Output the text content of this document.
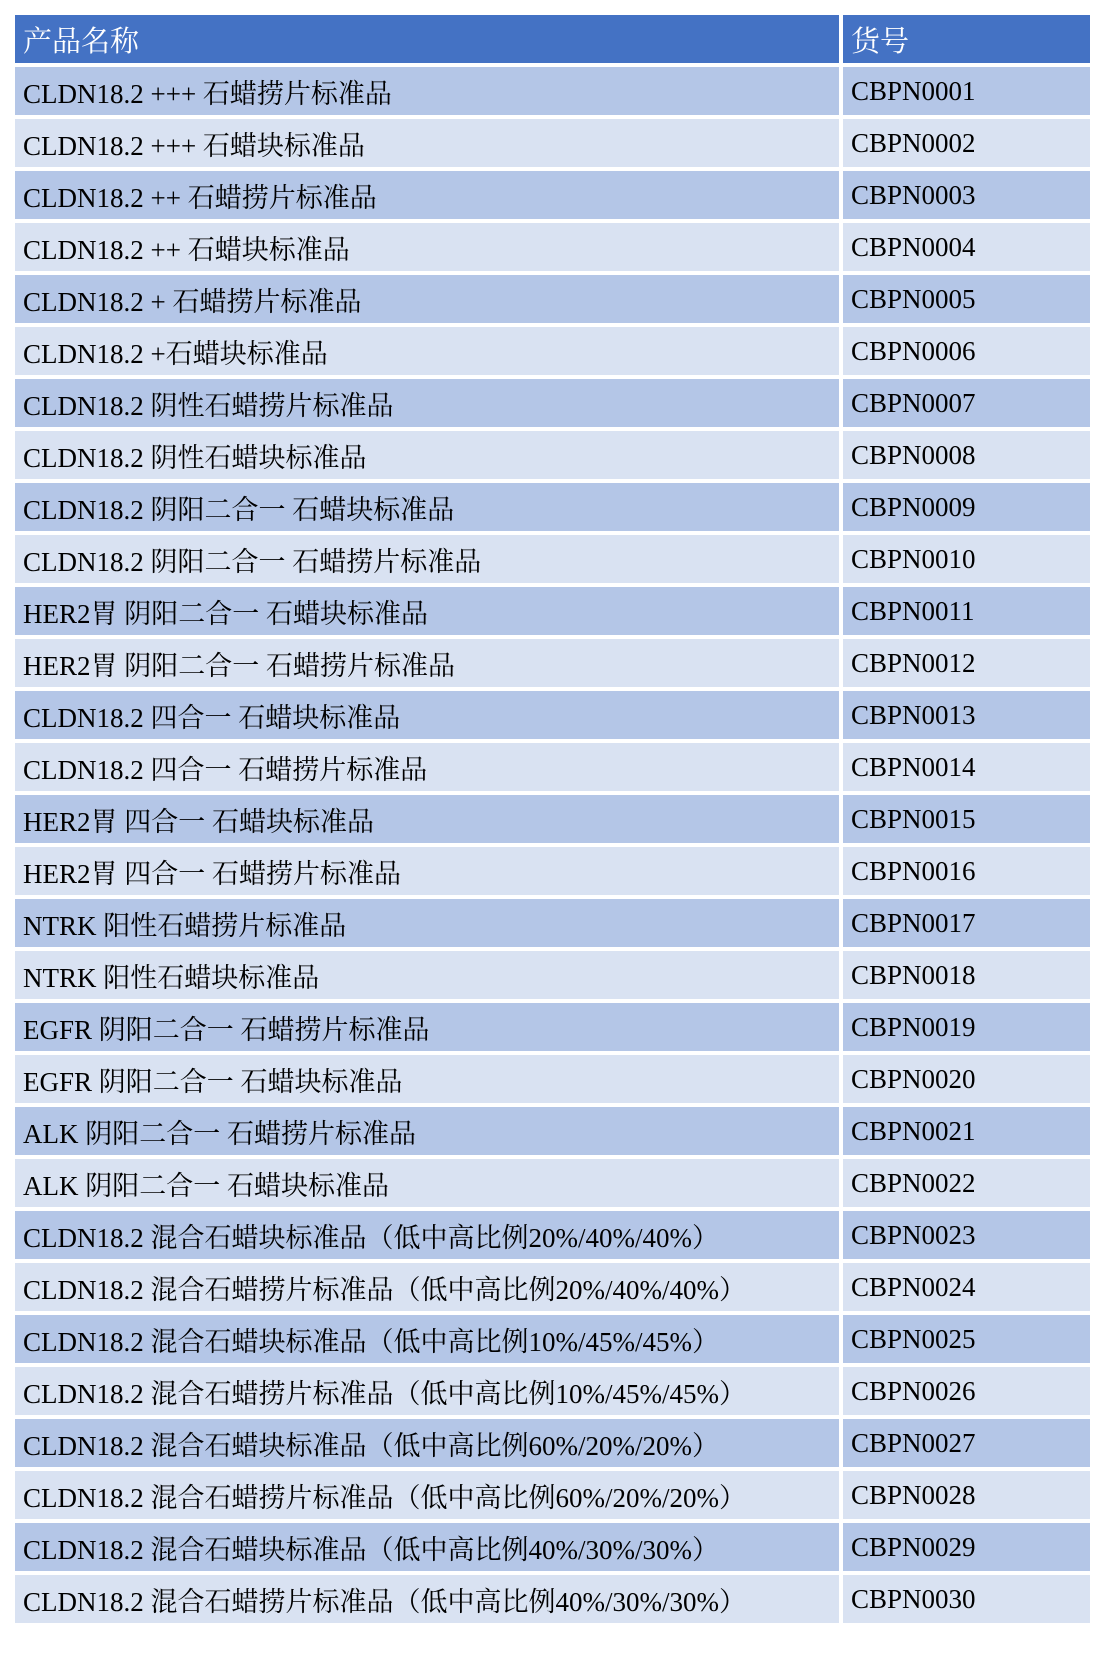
产品名称	货号
CLDN18.2 +++ 石蜡捞片标准品	CBPN0001
CLDN18.2 +++ 石蜡块标准品	CBPN0002
CLDN18.2 ++ 石蜡捞片标准品	CBPN0003
CLDN18.2 ++ 石蜡块标准品	CBPN0004
CLDN18.2 + 石蜡捞片标准品	CBPN0005
CLDN18.2 +石蜡块标准品	CBPN0006
CLDN18.2 阴性石蜡捞片标准品	CBPN0007
CLDN18.2 阴性石蜡块标准品	CBPN0008
CLDN18.2 阴阳二合一 石蜡块标准品	CBPN0009
CLDN18.2 阴阳二合一 石蜡捞片标准品	CBPN0010
HER2胃 阴阳二合一 石蜡块标准品	CBPN0011
HER2胃 阴阳二合一 石蜡捞片标准品	CBPN0012
CLDN18.2 四合一 石蜡块标准品	CBPN0013
CLDN18.2 四合一 石蜡捞片标准品	CBPN0014
HER2胃 四合一 石蜡块标准品	CBPN0015
HER2胃 四合一 石蜡捞片标准品	CBPN0016
NTRK 阳性石蜡捞片标准品	CBPN0017
NTRK 阳性石蜡块标准品	CBPN0018
EGFR 阴阳二合一 石蜡捞片标准品	CBPN0019
EGFR 阴阳二合一 石蜡块标准品	CBPN0020
ALK 阴阳二合一 石蜡捞片标准品	CBPN0021
ALK 阴阳二合一 石蜡块标准品	CBPN0022
CLDN18.2 混合石蜡块标准品（低中高比例20%/40%/40%）	CBPN0023
CLDN18.2 混合石蜡捞片标准品（低中高比例20%/40%/40%）	CBPN0024
CLDN18.2 混合石蜡块标准品（低中高比例10%/45%/45%）	CBPN0025
CLDN18.2 混合石蜡捞片标准品（低中高比例10%/45%/45%）	CBPN0026
CLDN18.2 混合石蜡块标准品（低中高比例60%/20%/20%）	CBPN0027
CLDN18.2 混合石蜡捞片标准品（低中高比例60%/20%/20%）	CBPN0028
CLDN18.2 混合石蜡块标准品（低中高比例40%/30%/30%）	CBPN0029
CLDN18.2 混合石蜡捞片标准品（低中高比例40%/30%/30%）	CBPN0030
